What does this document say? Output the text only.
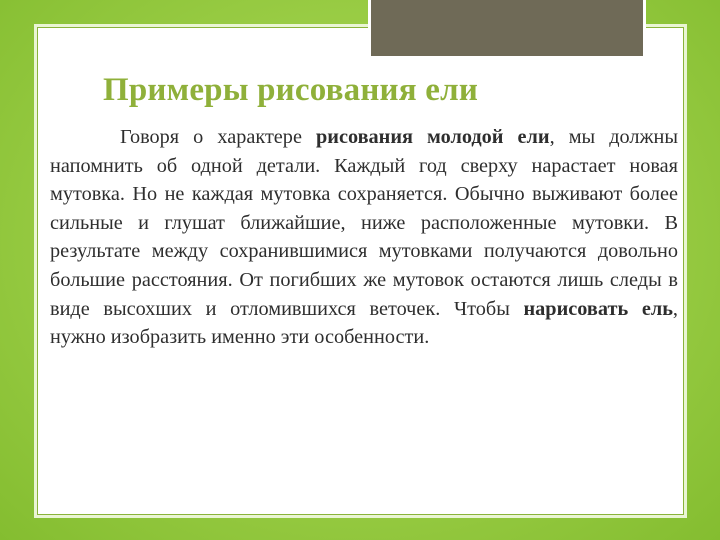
Примеры рисования ели

Говоря о характере рисования молодой ели, мы должны напомнить об одной детали. Каждый год сверху нарастает новая мутовка. Но не каждая мутовка сохраняется. Обычно выживают более сильные и глушат ближайшие, ниже расположенные мутовки. В результате между сохранившимися мутовками получаются довольно большие расстояния. От погибших же мутовок остаются лишь следы в виде высохших и отломившихся веточек. Чтобы нарисовать ель, нужно изобразить именно эти особенности.
